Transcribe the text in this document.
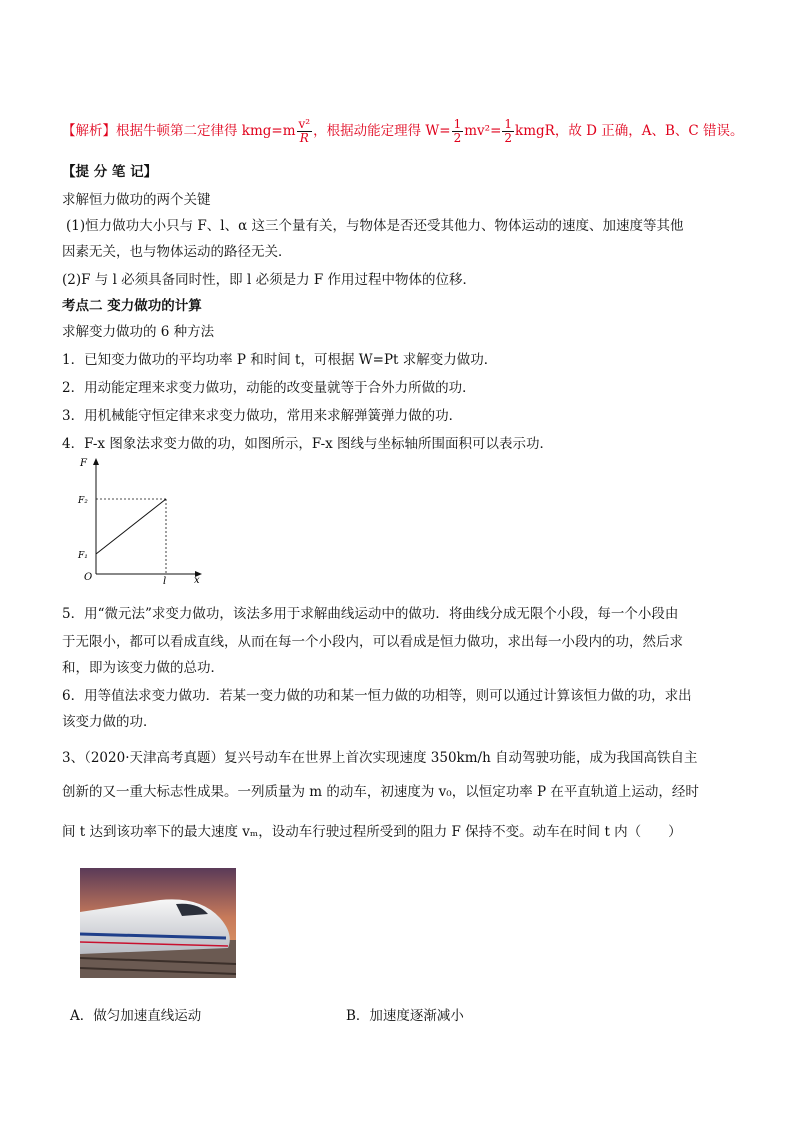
【解析】根据牛顿第二定律得 $kmg=m \frac{\text{v²}}{R}$ ，根据动能定理得 $W= \frac{1}{2} mv^2= \frac{1}{2}$ kmgR，故 D 正确，A、B、C 错误。
【提 分 笔 记】
求解恒力做功的两个关键
(1)恒力做功大小只与 F、l、α 这三个量有关，与物体是否还受其他力、物体运动的速度、加速度等其他
因素无关，也与物体运动的路径无关．
(2)F 与 l 必须具备同时性，即 l 必须是力 F 作用过程中物体的位移．
考点二 变力做功的计算
求解变力做功的 6 种方法
1．已知变力做功的平均功率 P 和时间 t，可根据 W=Pt 求解变力做功．
2．用动能定理来求变力做功，动能的改变量就等于合外力所做的功．
3．用机械能守恒定律来求变力做功，常用来求解弹簧弹力做的功．
4．F-x 图象法求变力做的功，如图所示，F-x 图线与坐标轴所围面积可以表示功．
F
F₂
F₁
O	l	x
5．用“微元法”求变力做功，该法多用于求解曲线运动中的做功．将曲线分成无限个小段，每一个小段由
于无限小，都可以看成直线，从而在每一个小段内，可以看成是恒力做功，求出每一小段内的功，然后求
和，即为该变力做的总功．
6．用等值法求变力做功．若某一变力做的功和某一恒力做的功相等，则可以通过计算该恒力做的功，求出
该变力做的功．
3、（2020·天津高考真题）复兴号动车在世界上首次实现速度 350km/h 自动驾驶功能，成为我国高铁自主
创新的又一重大标志性成果。一列质量为 m 的动车，初速度为 v₀，以恒定功率 P 在平直轨道上运动，经时
间 t 达到该功率下的最大速度 vₘ，设动车行驶过程所受到的阻力 F 保持不变。动车在时间 t 内（　　）
A．做匀加速直线运动	B．加速度逐渐减小
